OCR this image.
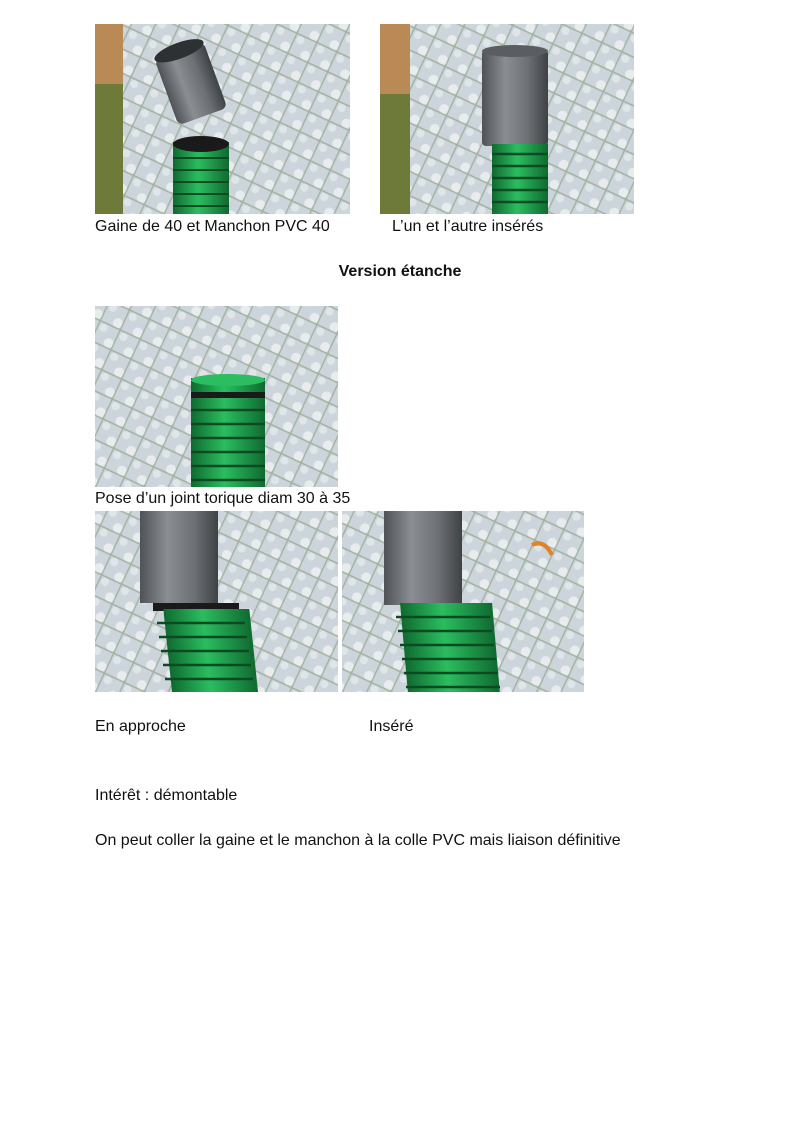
Gaine de 40 et Manchon PVC 40	L’un et l’autre insérés
Version étanche
Pose d’un joint torique diam 30 à 35
En approche	Inséré
Intérêt : démontable
On peut coller la gaine et le manchon à la colle PVC mais liaison définitive
